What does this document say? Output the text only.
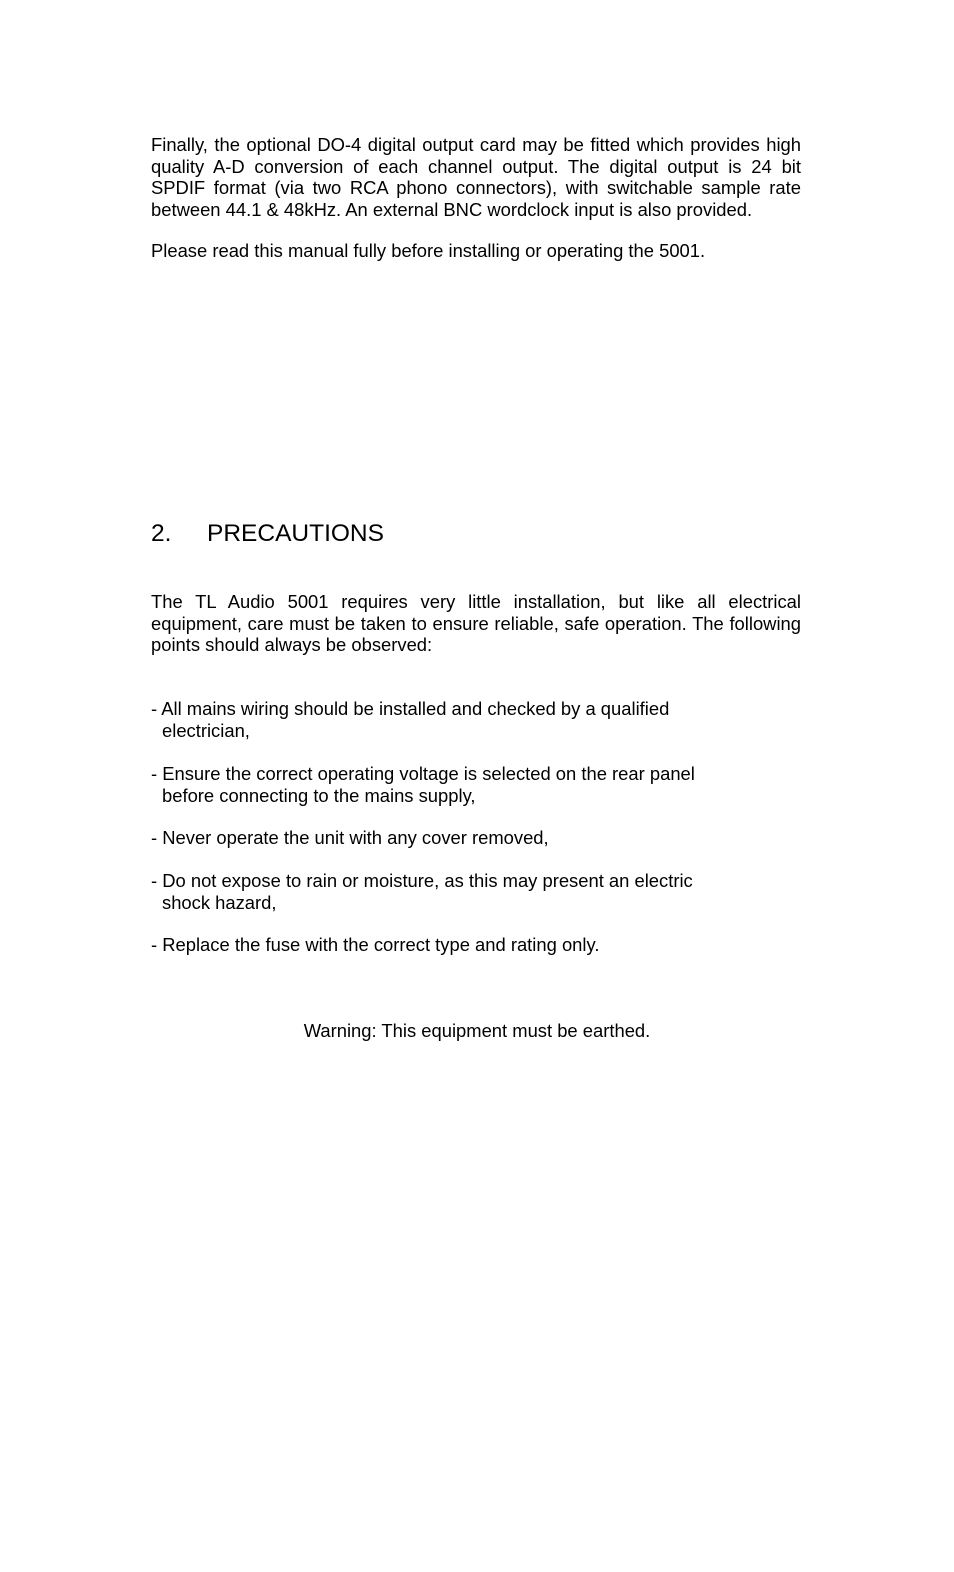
Finally, the optional DO-4 digital output card may be fitted which provides high quality A-D conversion of each channel output. The digital output is 24 bit SPDIF format (via two RCA phono connectors), with switchable sample rate between 44.1 & 48kHz. An external BNC wordclock input is also provided.

Please read this manual fully before installing or operating the 5001.

2. PRECAUTIONS

The TL Audio 5001 requires very little installation, but like all electrical equipment, care must be taken to ensure reliable, safe operation. The following points should always be observed:

- All mains wiring should be installed and checked by a qualified
electrician,
- Ensure the correct operating voltage is selected on the rear panel
before connecting to the mains supply,
- Never operate the unit with any cover removed,
- Do not expose to rain or moisture, as this may present an electric
shock hazard,
- Replace the fuse with the correct type and rating only.

Warning: This equipment must be earthed.
